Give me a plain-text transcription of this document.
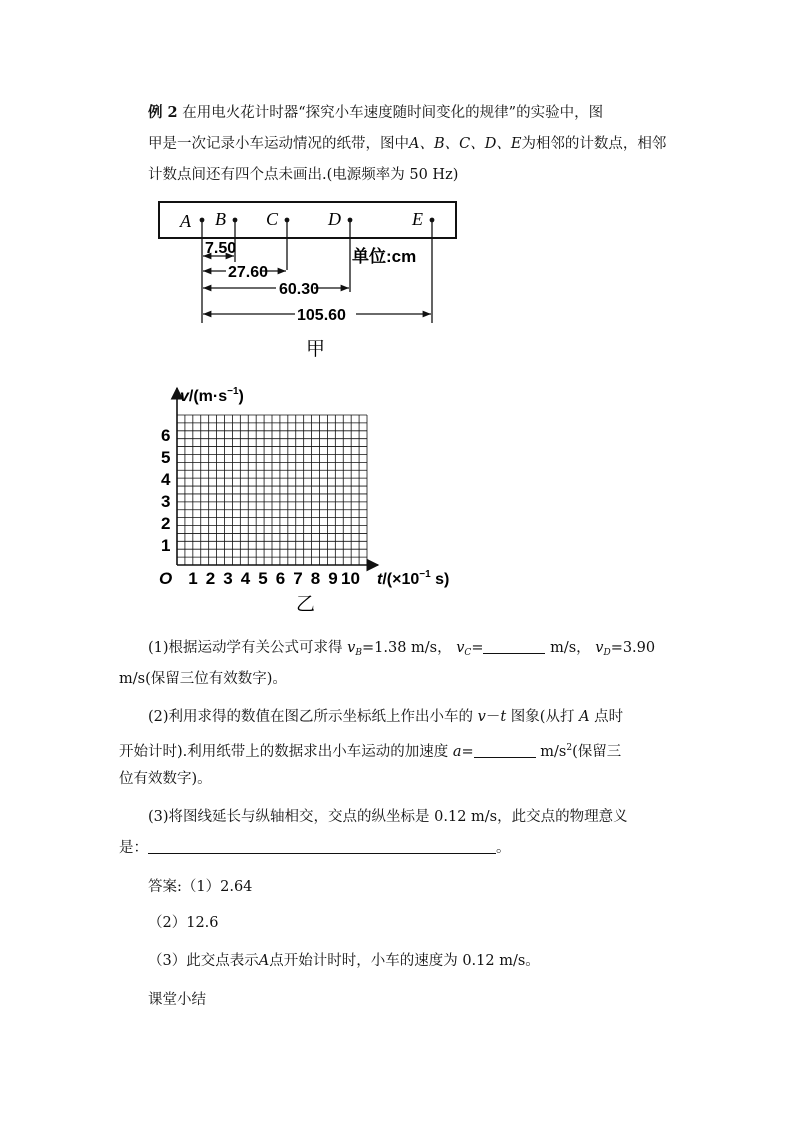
例 2 在用电火花计时器“探究小车速度随时间变化的规律”的实验中，图
甲是一次记录小车运动情况的纸带，图中A、B、C、D、E为相邻的计数点，相邻
计数点间还有四个点未画出.(电源频率为 50 Hz)
A B C	D	E
7.50
27.60
60.30
105.60
单位:cm
甲
$v/(m\cdot s^{-1})$
$t/(\times 10^{-1}$ s)
O
1
2
3
4
5
6
1 2 3 4 5 6 7 8 9 10
乙
(1)根据运动学有关公式可求得 $v_B=1.38$ m/s， $v_C=$	m/s， $v_D=3.90$
m/s(保留三位有效数字)。
(2)利用求得的数值在图乙所示坐标纸上作出小车的 v－t 图象(从打 A 点时
开始计时).利用纸带上的数据求出小车运动的加速度 a=	$m/s^2$(保留三
位有效数字)。
(3)将图线延长与纵轴相交，交点的纵坐标是 0.12 m/s，此交点的物理意义
是：	。
答案:（1）2.64
（2）12.6
（3）此交点表示A点开始计时时，小车的速度为 0.12 m/s。
课堂小结
